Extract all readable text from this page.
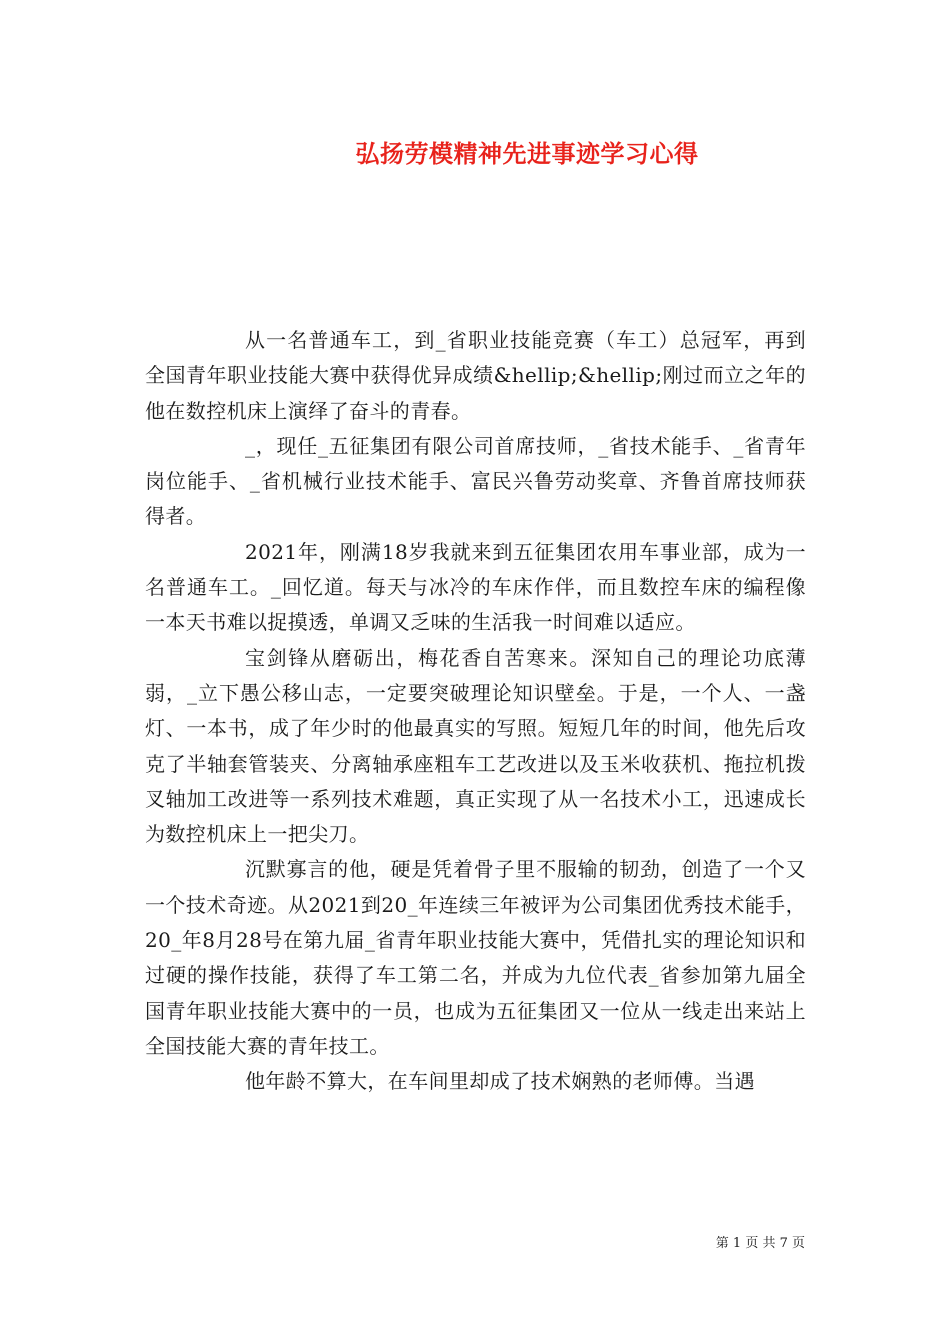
弘扬劳模精神先进事迹学习心得

从一名普通车工，到_省职业技能竞赛（车工）总冠军，再到全国青年职业技能大赛中获得优异成绩&hellip;&hellip;刚过而立之年的他在数控机床上演绎了奋斗的青春。

_，现任_五征集团有限公司首席技师，_省技术能手、_省青年岗位能手、_省机械行业技术能手、富民兴鲁劳动奖章、齐鲁首席技师获得者。

2021年，刚满18岁我就来到五征集团农用车事业部，成为一名普通车工。_回忆道。每天与冰冷的车床作伴，而且数控车床的编程像一本天书难以捉摸透，单调又乏味的生活我一时间难以适应。

宝剑锋从磨砺出，梅花香自苦寒来。深知自己的理论功底薄弱，_立下愚公移山志，一定要突破理论知识壁垒。于是，一个人、一盏灯、一本书，成了年少时的他最真实的写照。短短几年的时间，他先后攻克了半轴套管装夹、分离轴承座粗车工艺改进以及玉米收获机、拖拉机拨叉轴加工改进等一系列技术难题，真正实现了从一名技术小工，迅速成长为数控机床上一把尖刀。

沉默寡言的他，硬是凭着骨子里不服输的韧劲，创造了一个又一个技术奇迹。从2021到20_年连续三年被评为公司集团优秀技术能手，20_年8月28号在第九届_省青年职业技能大赛中，凭借扎实的理论知识和过硬的操作技能，获得了车工第二名，并成为九位代表_省参加第九届全国青年职业技能大赛中的一员，也成为五征集团又一位从一线走出来站上全国技能大赛的青年技工。

他年龄不算大，在车间里却成了技术娴熟的老师傅。当遇

第 1 页 共 7 页
